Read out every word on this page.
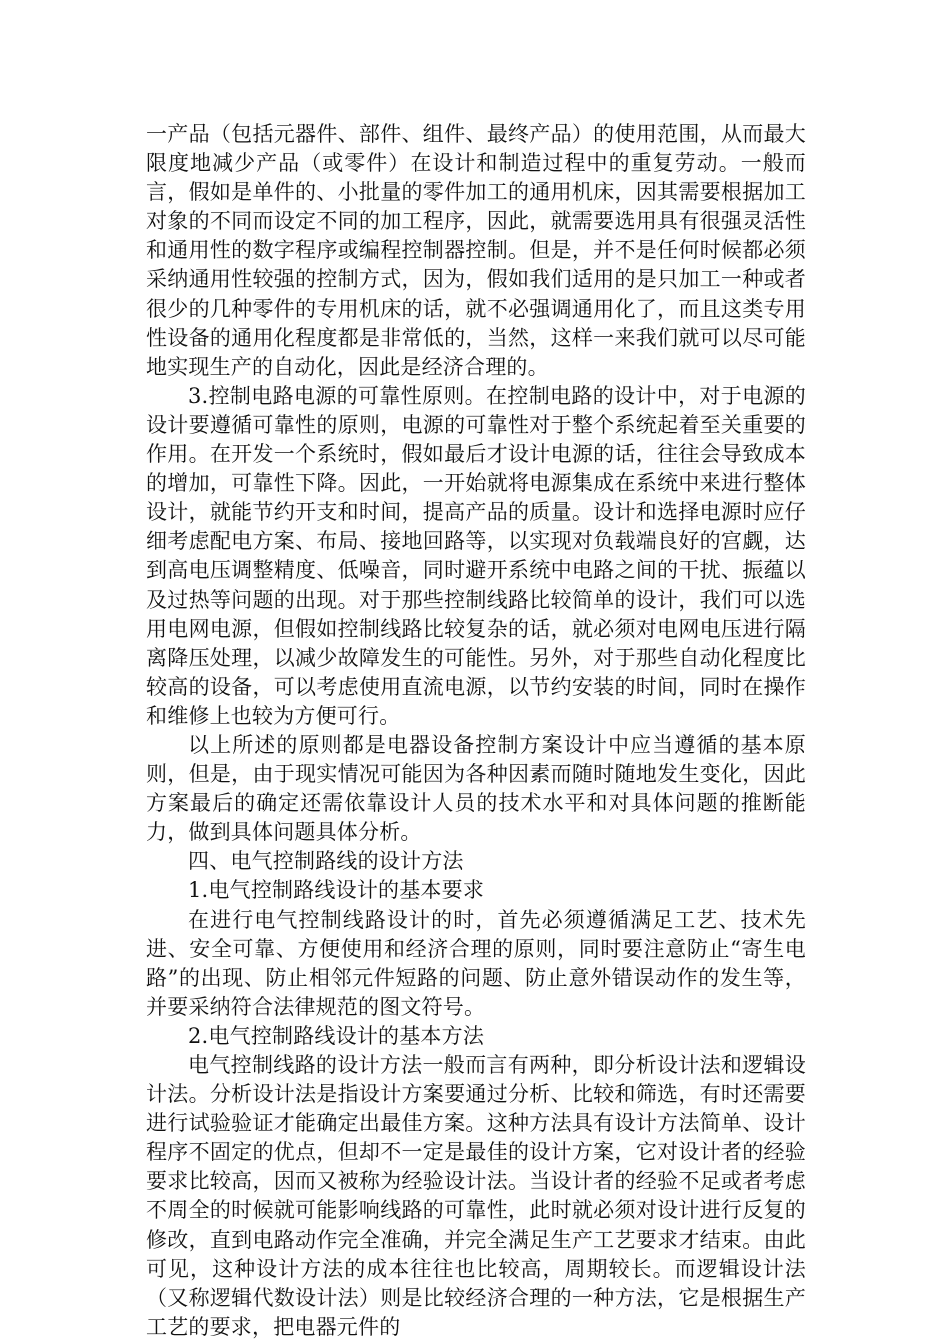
一产品（包括元器件、部件、组件、最终产品）的使用范围，从而最大限度地减少产品（或零件）在设计和制造过程中的重复劳动。一般而言，假如是单件的、小批量的零件加工的通用机床，因其需要根据加工对象的不同而设定不同的加工程序，因此，就需要选用具有很强灵活性和通用性的数字程序或编程控制器控制。但是，并不是任何时候都必须采纳通用性较强的控制方式，因为，假如我们适用的是只加工一种或者很少的几种零件的专用机床的话，就不必强调通用化了，而且这类专用性设备的通用化程度都是非常低的，当然，这样一来我们就可以尽可能地实现生产的自动化，因此是经济合理的。

3.控制电路电源的可靠性原则。在控制电路的设计中，对于电源的设计要遵循可靠性的原则，电源的可靠性对于整个系统起着至关重要的作用。在开发一个系统时，假如最后才设计电源的话，往往会导致成本的增加，可靠性下降。因此，一开始就将电源集成在系统中来进行整体设计，就能节约开支和时间，提高产品的质量。设计和选择电源时应仔细考虑配电方案、布局、接地回路等，以实现对负载端良好的宫觑，达到高电压调整精度、低噪音，同时避开系统中电路之间的干扰、振蕴以及过热等问题的出现。对于那些控制线路比较简单的设计，我们可以选用电网电源，但假如控制线路比较复杂的话，就必须对电网电压进行隔离降压处理，以减少故障发生的可能性。另外，对于那些自动化程度比较高的设备，可以考虑使用直流电源，以节约安装的时间，同时在操作和维修上也较为方便可行。

以上所述的原则都是电器设备控制方案设计中应当遵循的基本原则，但是，由于现实情况可能因为各种因素而随时随地发生变化，因此方案最后的确定还需依靠设计人员的技术水平和对具体问题的推断能力，做到具体问题具体分析。

四、电气控制路线的设计方法

1.电气控制路线设计的基本要求

在进行电气控制线路设计的时，首先必须遵循满足工艺、技术先进、安全可靠、方便使用和经济合理的原则，同时要注意防止“寄生电路”的出现、防止相邻元件短路的问题、防止意外错误动作的发生等，并要采纳符合法律规范的图文符号。

2.电气控制路线设计的基本方法

电气控制线路的设计方法一般而言有两种，即分析设计法和逻辑设计法。分析设计法是指设计方案要通过分析、比较和筛选，有时还需要进行试验验证才能确定出最佳方案。这种方法具有设计方法简单、设计程序不固定的优点，但却不一定是最佳的设计方案，它对设计者的经验要求比较高，因而又被称为经验设计法。当设计者的经验不足或者考虑不周全的时候就可能影响线路的可靠性，此时就必须对设计进行反复的修改，直到电路动作完全准确，并完全满足生产工艺要求才结束。由此可见，这种设计方法的成本往往也比较高，周期较长。而逻辑设计法（又称逻辑代数设计法）则是比较经济合理的一种方法，它是根据生产工艺的要求，把电器元件的
